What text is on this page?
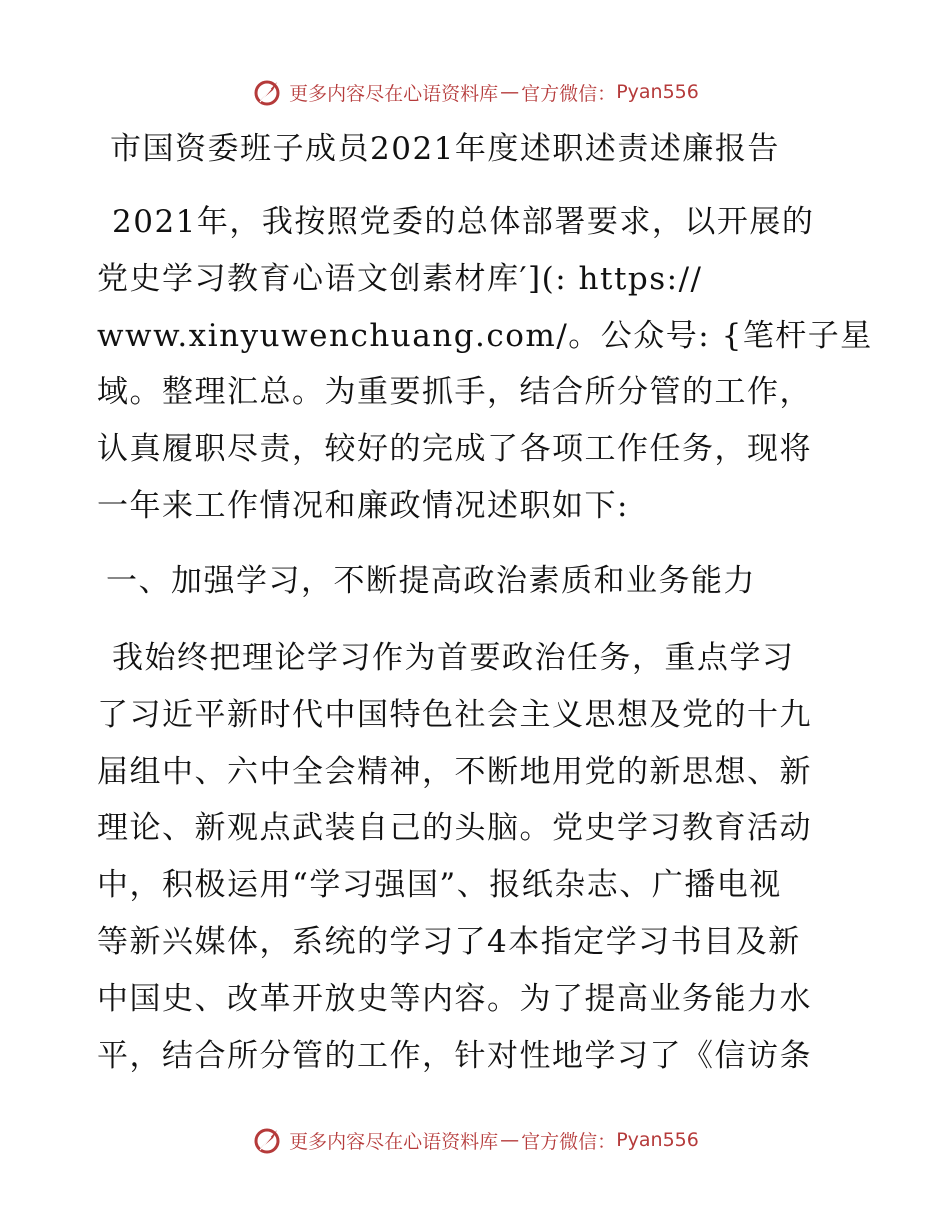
更多内容尽在心语资料库 — 官方微信： Pyan556
市国资委班子成员2021年度述职述责述廉报告
2021年，我按照党委的总体部署要求，以开展的
党史学习教育心语文创素材库′](: https://
www.xinyuwenchuang.com/。公众号: {笔杆子星
域。整理汇总。为重要抓手，结合所分管的工作，
认真履职尽责，较好的完成了各项工作任务，现将
一年来工作情况和廉政情况述职如下:
一、加强学习，不断提高政治素质和业务能力
我始终把理论学习作为首要政治任务，重点学习
了习近平新时代中国特色社会主义思想及党的十九
届组中、六中全会精神，不断地用党的新思想、新
理论、新观点武装自己的头脑。党史学习教育活动
中，积极运用“学习强国”、报纸杂志、广播电视
等新兴媒体，系统的学习了4本指定学习书目及新
中国史、改革开放史等内容。为了提高业务能力水
平，结合所分管的工作，针对性地学习了《信访条
更多内容尽在心语资料库 — 官方微信： Pyan556
